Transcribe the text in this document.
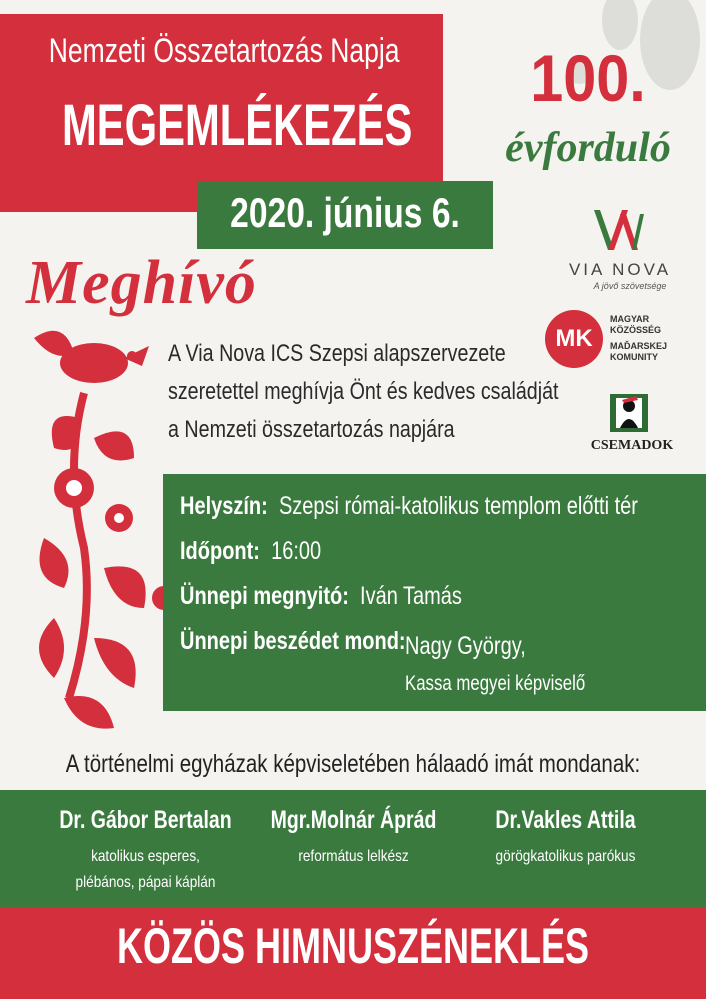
Nemzeti Összetartozás Napja
MEGEMLÉKEZÉS
2020. június 6.
100.
évforduló
VIA NOVA
A jövő szövetsége
MK
MAGYAR
KÖZÖSSÉG
MAĎARSKEJ
KOMUNITY
CSEMADOK
Meghívó
A Via Nova ICS Szepsi alapszervezete
szeretettel meghívja Önt és kedves családját
a Nemzeti összetartozás napjára
Helyszín: Szepsi római-katolikus templom előtti tér
Időpont: 16:00
Ünnepi megnyitó: Iván Tamás
Ünnepi beszédet mond: Nagy György,
Kassa megyei képviselő
A történelmi egyházak képviseletében hálaadó imát mondanak:
Dr. Gábor Bertalan
katolikus esperes,
plébános, pápai káplán
Mgr.Molnár Áprád
református lelkész
Dr.Vakles Attila
görögkatolikus parókus
KÖZÖS HIMNUSZÉNEKLÉS
